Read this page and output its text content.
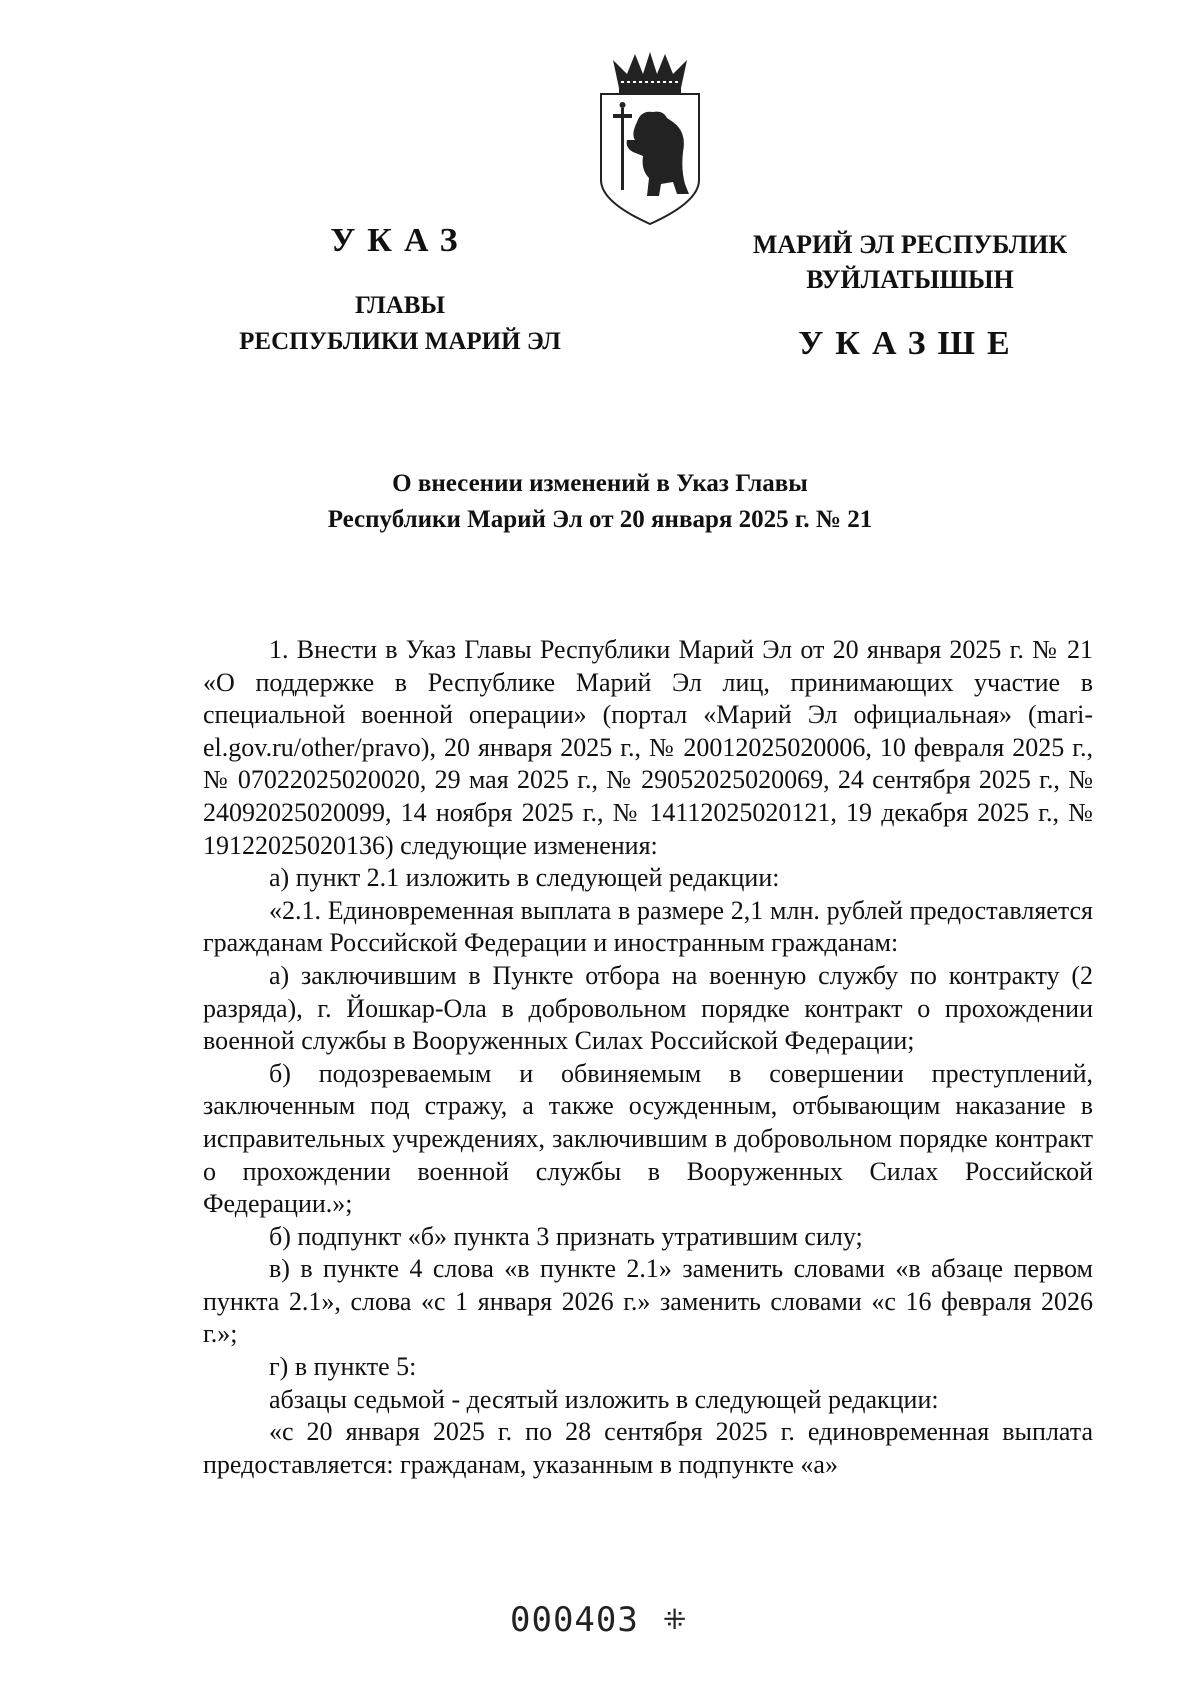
УКАЗ
ГЛАВЫ
РЕСПУБЛИКИ МАРИЙ ЭЛ
МАРИЙ ЭЛ РЕСПУБЛИК
ВУЙЛАТЫШЫН
УКАЗШЕ
О внесении изменений в Указ Главы
Республики Марий Эл от 20 января 2025 г. № 21

1. Внести в Указ Главы Республики Марий Эл от 20 января 2025 г. № 21 «О поддержке в Республике Марий Эл лиц, принимающих участие в специальной военной операции» (портал «Марий Эл официальная» (mari-el.gov.ru/other/pravo), 20 января 2025 г., № 20012025020006, 10 февраля 2025 г., № 07022025020020, 29 мая 2025 г., № 29052025020069, 24 сентября 2025 г., № 24092025020099, 14 ноября 2025 г., № 14112025020121, 19 декабря 2025 г., № 19122025020136) следующие изменения:

а) пункт 2.1 изложить в следующей редакции:

«2.1. Единовременная выплата в размере 2,1 млн. рублей предоставляется гражданам Российской Федерации и иностранным гражданам:

а) заключившим в Пункте отбора на военную службу по контракту (2 разряда), г. Йошкар-Ола в добровольном порядке контракт о прохождении военной службы в Вооруженных Силах Российской Федерации;

б) подозреваемым и обвиняемым в совершении преступлений, заключенным под стражу, а также осужденным, отбывающим наказание в исправительных учреждениях, заключившим в добровольном порядке контракт о прохождении военной службы в Вооруженных Силах Российской Федерации.»;

б) подпункт «б» пункта 3 признать утратившим силу;

в) в пункте 4 слова «в пункте 2.1» заменить словами «в абзаце первом пункта 2.1», слова «с 1 января 2026 г.» заменить словами «с 16 февраля 2026 г.»;

г) в пункте 5:

абзацы седьмой - десятый изложить в следующей редакции:

«с 20 января 2025 г. по 28 сентября 2025 г. единовременная выплата предоставляется: гражданам, указанным в подпункте «а»

000403 ⁜
